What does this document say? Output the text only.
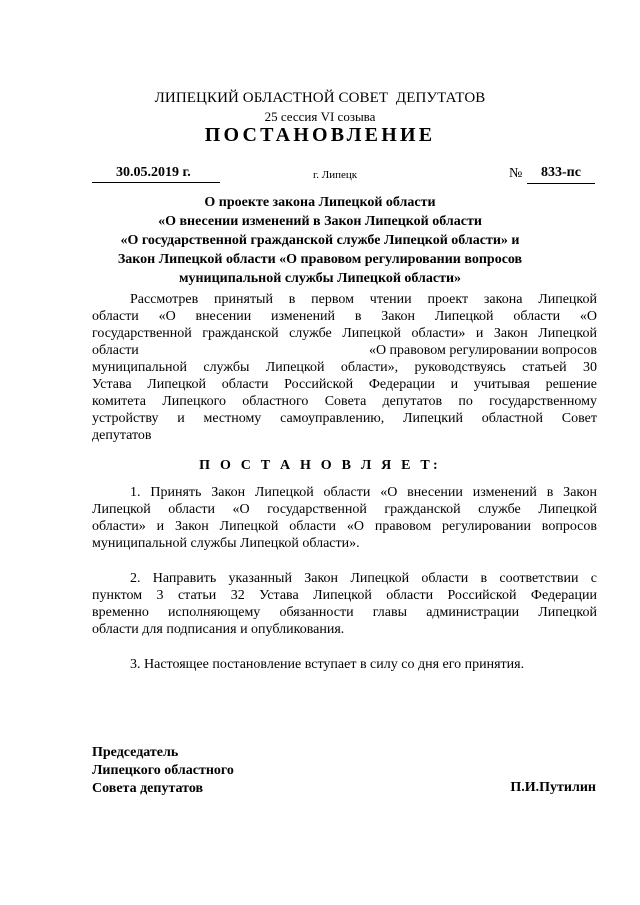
ЛИПЕЦКИЙ ОБЛАСТНОЙ СОВЕТ  ДЕПУТАТОВ
25 сессия VI созыва
ПОСТАНОВЛЕНИЕ
30.05.2019 г.	г. Липецк	№	833-пс
О проекте закона Липецкой области
«О внесении изменений в Закон Липецкой области
«О государственной гражданской службе Липецкой области» и
Закон Липецкой области «О правовом регулировании вопросов
муниципальной службы Липецкой области»
Рассмотрев принятый в первом чтении проект закона Липецкой
области «О внесении изменений в Закон Липецкой области «О
государственной гражданской службе Липецкой области» и Закон Липецкой
области	«О правовом регулировании вопросов
муниципальной службы Липецкой области», руководствуясь статьей 30
Устава Липецкой области Российской Федерации и учитывая решение
комитета Липецкого областного Совета депутатов по государственному
устройству и местному самоуправлению, Липецкий областной Совет
депутатов
П О С Т А Н О В Л Я Е Т:
1. Принять Закон Липецкой области «О внесении изменений в Закон
Липецкой области «О государственной гражданской службе Липецкой
области» и Закон Липецкой области «О правовом регулировании вопросов
муниципальной службы Липецкой области».
2. Направить указанный Закон Липецкой области в соответствии с
пунктом 3 статьи 32 Устава Липецкой области Российской Федерации
временно исполняющему обязанности главы администрации Липецкой
области для подписания и опубликования.
3. Настоящее постановление вступает в силу со дня его принятия.
Председатель
Липецкого областного
Совета депутатов	П.И.Путилин
